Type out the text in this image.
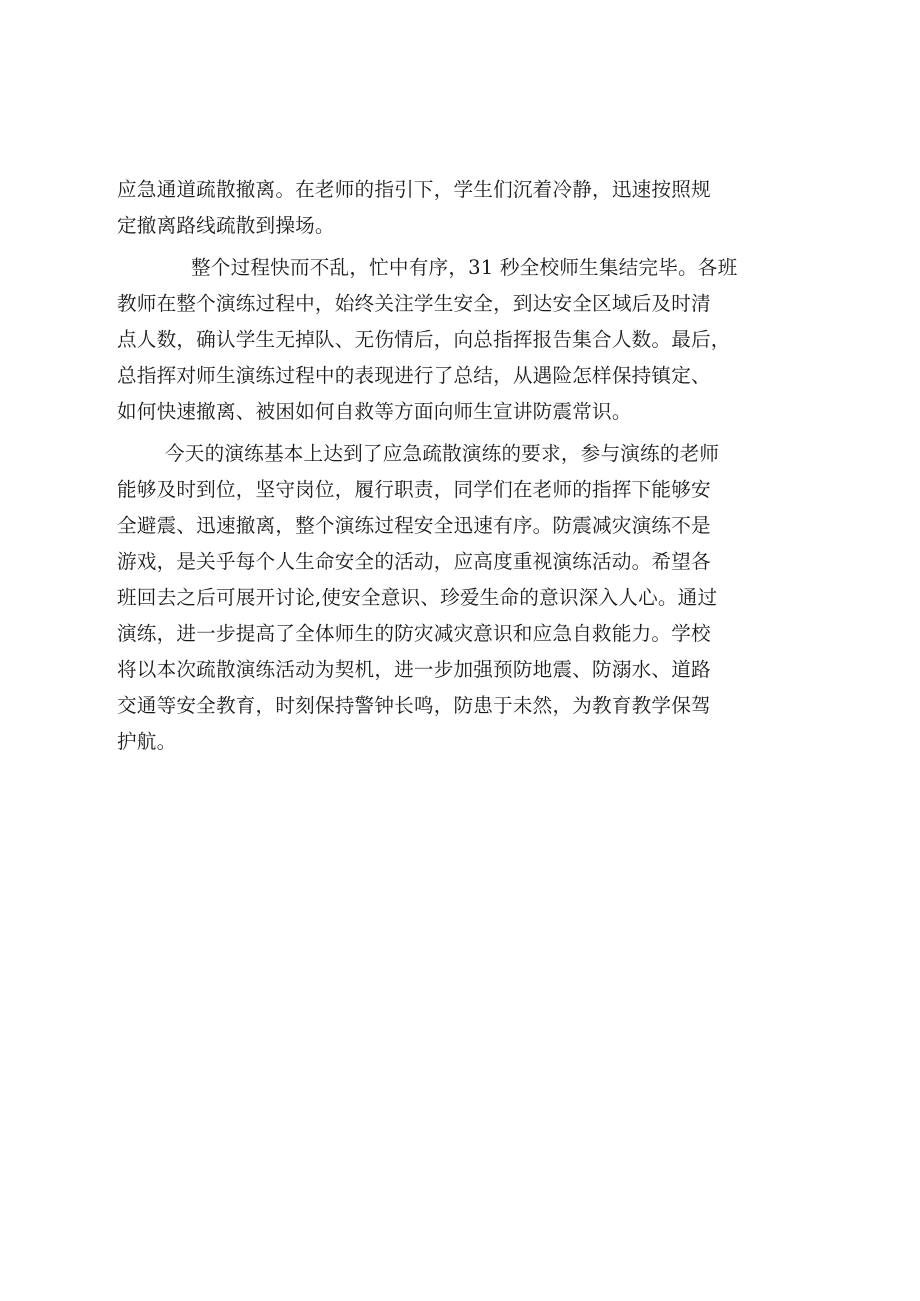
应急通道疏散撤离。在老师的指引下，学生们沉着冷静，迅速按照规
定撤离路线疏散到操场。
整个过程快而不乱，忙中有序，31 秒全校师生集结完毕。各班
教师在整个演练过程中，始终关注学生安全，到达安全区域后及时清
点人数，确认学生无掉队、无伤情后，向总指挥报告集合人数。最后，
总指挥对师生演练过程中的表现进行了总结，从遇险怎样保持镇定、
如何快速撤离、被困如何自救等方面向师生宣讲防震常识。
今天的演练基本上达到了应急疏散演练的要求，参与演练的老师
能够及时到位，坚守岗位，履行职责，同学们在老师的指挥下能够安
全避震、迅速撤离，整个演练过程安全迅速有序。防震减灾演练不是
游戏，是关乎每个人生命安全的活动，应高度重视演练活动。希望各
班回去之后可展开讨论,使安全意识、珍爱生命的意识深入人心。通过
演练，进一步提高了全体师生的防灾减灾意识和应急自救能力。学校
将以本次疏散演练活动为契机，进一步加强预防地震、防溺水、道路
交通等安全教育，时刻保持警钟长鸣，防患于未然，为教育教学保驾
护航。
